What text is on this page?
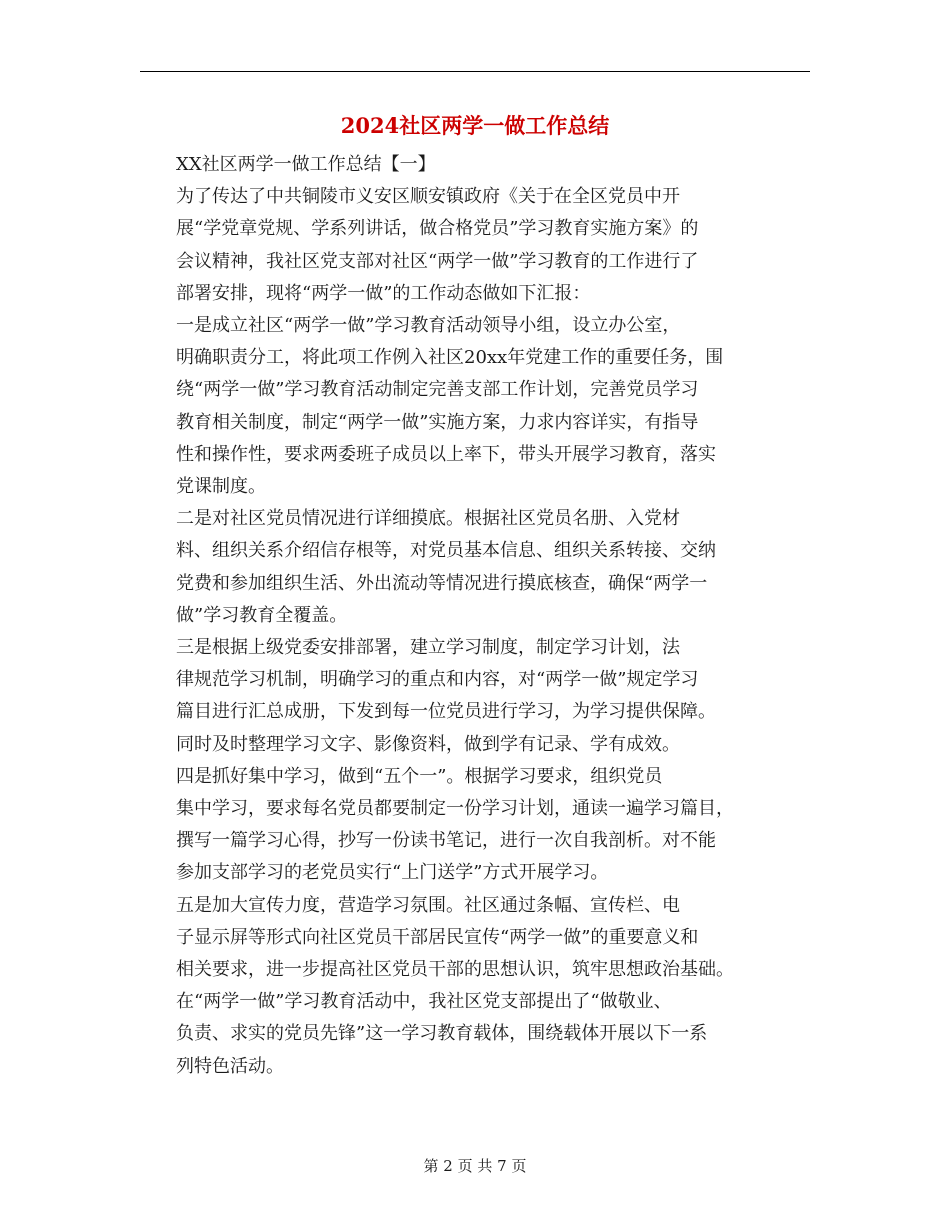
2024社区两学一做工作总结

XX社区两学一做工作总结【一】

为了传达了中共铜陵市义安区顺安镇政府《关于在全区党员中开
展“学党章党规、学系列讲话，做合格党员”学习教育实施方案》的
会议精神，我社区党支部对社区“两学一做”学习教育的工作进行了
部署安排，现将“两学一做”的工作动态做如下汇报：

一是成立社区“两学一做”学习教育活动领导小组，设立办公室，
明确职责分工，将此项工作例入社区20xx年党建工作的重要任务，围
绕“两学一做”学习教育活动制定完善支部工作计划，完善党员学习
教育相关制度，制定“两学一做”实施方案，力求内容详实，有指导
性和操作性，要求两委班子成员以上率下，带头开展学习教育，落实
党课制度。

二是对社区党员情况进行详细摸底。根据社区党员名册、入党材
料、组织关系介绍信存根等，对党员基本信息、组织关系转接、交纳
党费和参加组织生活、外出流动等情况进行摸底核查，确保“两学一
做”学习教育全覆盖。

三是根据上级党委安排部署，建立学习制度，制定学习计划，法
律规范学习机制，明确学习的重点和内容，对“两学一做”规定学习
篇目进行汇总成册，下发到每一位党员进行学习，为学习提供保障。
同时及时整理学习文字、影像资料，做到学有记录、学有成效。

四是抓好集中学习，做到“五个一”。根据学习要求，组织党员
集中学习，要求每名党员都要制定一份学习计划，通读一遍学习篇目，
撰写一篇学习心得，抄写一份读书笔记，进行一次自我剖析。对不能
参加支部学习的老党员实行“上门送学”方式开展学习。

五是加大宣传力度，营造学习氛围。社区通过条幅、宣传栏、电
子显示屏等形式向社区党员干部居民宣传“两学一做”的重要意义和
相关要求，进一步提高社区党员干部的思想认识，筑牢思想政治基础。

在“两学一做”学习教育活动中，我社区党支部提出了“做敬业、
负责、求实的党员先锋”这一学习教育载体，围绕载体开展以下一系
列特色活动。

第 2 页 共 7 页
